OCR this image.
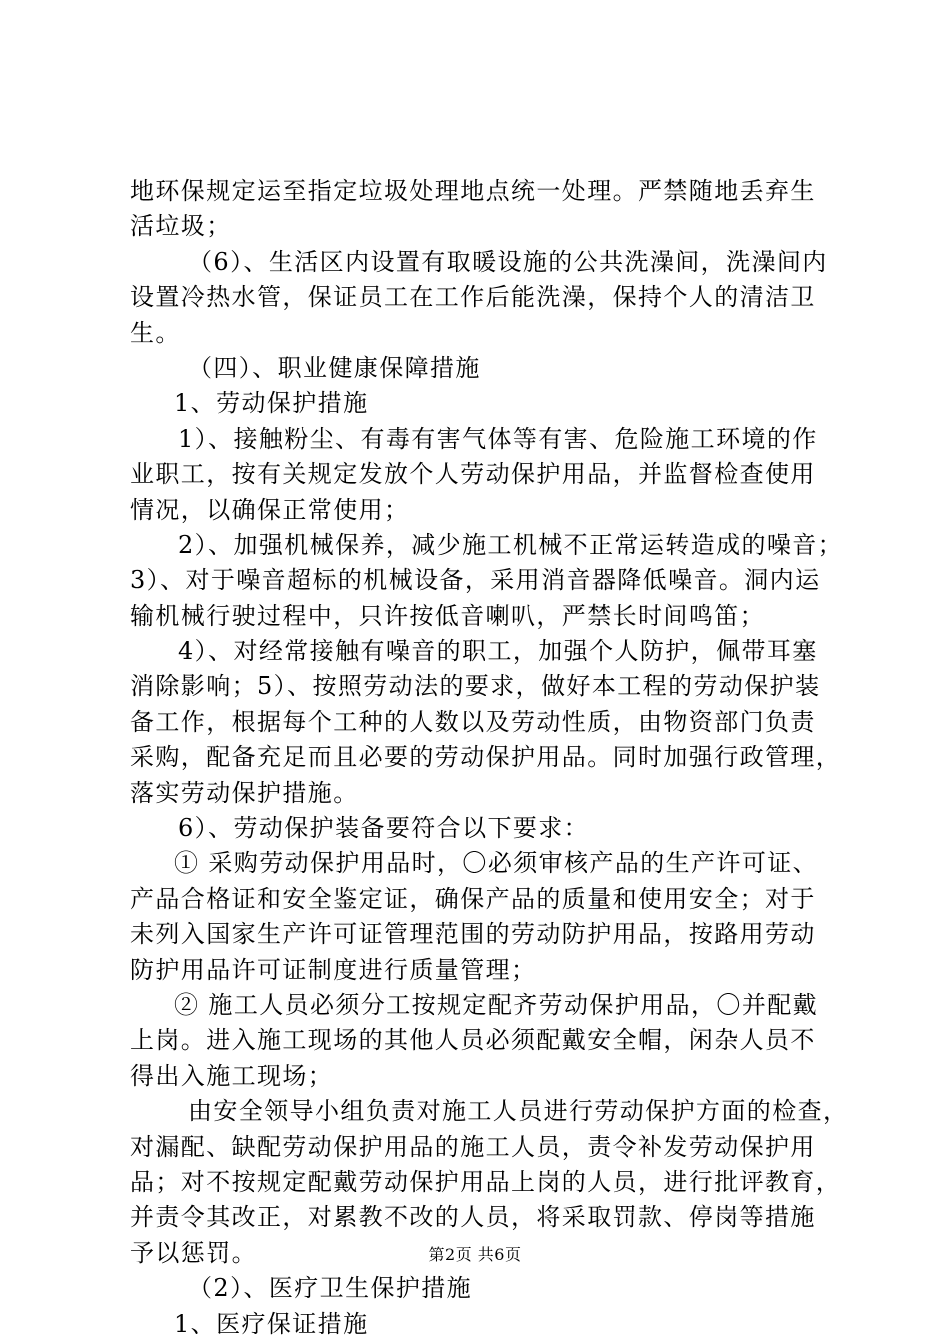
地环保规定运至指定垃圾处理地点统一处理。严禁随地丢弃生
活垃圾；
（6）、生活区内设置有取暖设施的公共洗澡间，洗澡间内
设置冷热水管，保证员工在工作后能洗澡，保持个人的清洁卫
生。
（四）、职业健康保障措施
1、劳动保护措施
1）、接触粉尘、有毒有害气体等有害、危险施工环境的作
业职工，按有关规定发放个人劳动保护用品，并监督检查使用
情况，以确保正常使用；
2）、加强机械保养，减少施工机械不正常运转造成的噪音；
3）、对于噪音超标的机械设备，采用消音器降低噪音。洞内运
输机械行驶过程中，只许按低音喇叭，严禁长时间鸣笛；
4）、对经常接触有噪音的职工，加强个人防护，佩带耳塞
消除影响；5）、按照劳动法的要求，做好本工程的劳动保护装
备工作，根据每个工种的人数以及劳动性质，由物资部门负责
采购，配备充足而且必要的劳动保护用品。同时加强行政管理，
落实劳动保护措施。
6）、劳动保护装备要符合以下要求：
① 采购劳动保护用品时，〇必须审核产品的生产许可证、
产品合格证和安全鉴定证，确保产品的质量和使用安全；对于
未列入国家生产许可证管理范围的劳动防护用品，按路用劳动
防护用品许可证制度进行质量管理；
② 施工人员必须分工按规定配齐劳动保护用品，〇并配戴
上岗。进入施工现场的其他人员必须配戴安全帽，闲杂人员不
得出入施工现场；
由安全领导小组负责对施工人员进行劳动保护方面的检查，
对漏配、缺配劳动保护用品的施工人员，责令补发劳动保护用
品；对不按规定配戴劳动保护用品上岗的人员，进行批评教育，
并责令其改正，对累教不改的人员，将采取罚款、停岗等措施
予以惩罚。
（2）、医疗卫生保护措施
1、医疗保证措施
第2页 共6页
